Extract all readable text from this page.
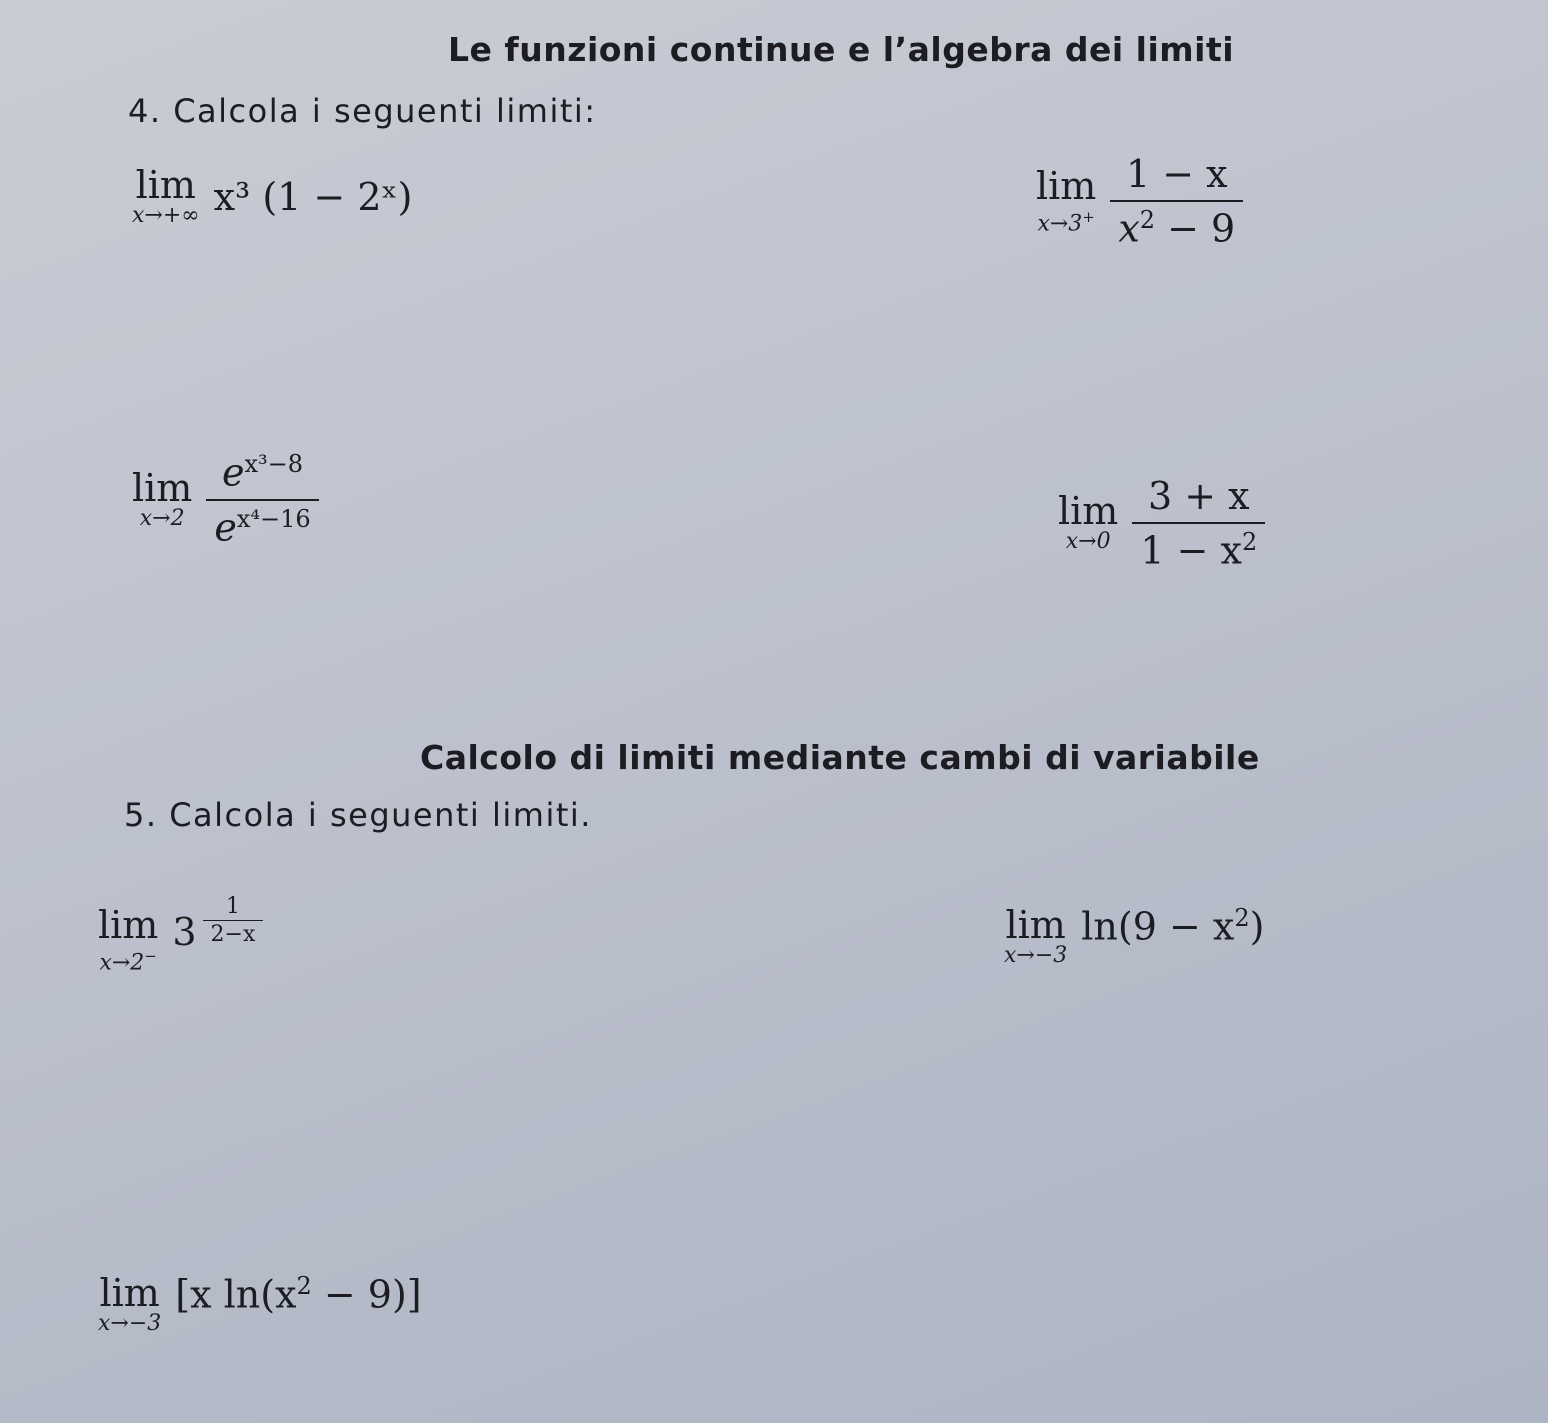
Le funzioni continue e l’algebra dei limiti
4. Calcola i seguenti limiti:
lim
x→+∞ x³ (1 − 2ˣ)	lim
$x\to 3^+ \frac{1 - x}{x^2 - 9}$
lim
$x\to 2 \frac{e^{x^3-8}}{e^{x^4-16}}$	lim
$x\to 0 \frac{3 + x}{1 - x^2}$
Calcolo di limiti mediante cambi di variabile
5. Calcola i seguenti limiti.
lim
x→2−
$3 \frac{1}{2-x}$	lim
x→−3
$\ln(9 - x^2)$
lim
x→−3
[x $\ln(x^2 - 9)$]
